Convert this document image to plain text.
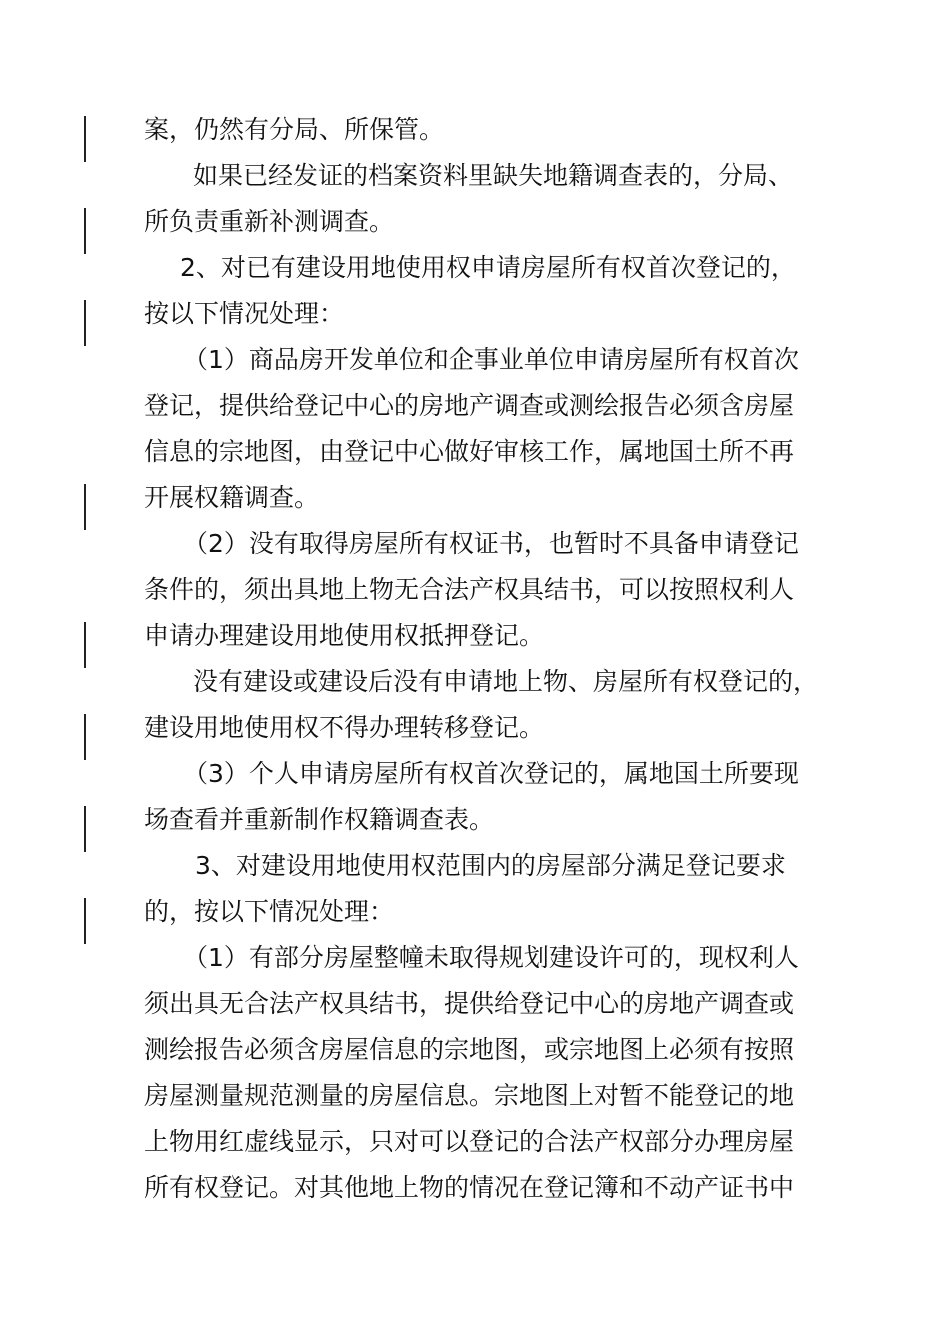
案，仍然有分局、所保管。
如果已经发证的档案资料里缺失地籍调查表的，分局、
所负责重新补测调查。
2、对已有建设用地使用权申请房屋所有权首次登记的，
按以下情况处理：
（1）商品房开发单位和企事业单位申请房屋所有权首次
登记，提供给登记中心的房地产调查或测绘报告必须含房屋
信息的宗地图，由登记中心做好审核工作，属地国土所不再
开展权籍调查。
（2）没有取得房屋所有权证书，也暂时不具备申请登记
条件的，须出具地上物无合法产权具结书，可以按照权利人
申请办理建设用地使用权抵押登记。
没有建设或建设后没有申请地上物、房屋所有权登记的，
建设用地使用权不得办理转移登记。
（3）个人申请房屋所有权首次登记的，属地国土所要现
场查看并重新制作权籍调查表。
3、对建设用地使用权范围内的房屋部分满足登记要求
的，按以下情况处理：
（1）有部分房屋整幢未取得规划建设许可的，现权利人
须出具无合法产权具结书，提供给登记中心的房地产调查或
测绘报告必须含房屋信息的宗地图，或宗地图上必须有按照
房屋测量规范测量的房屋信息。宗地图上对暂不能登记的地
上物用红虚线显示，只对可以登记的合法产权部分办理房屋
所有权登记。对其他地上物的情况在登记簿和不动产证书中
